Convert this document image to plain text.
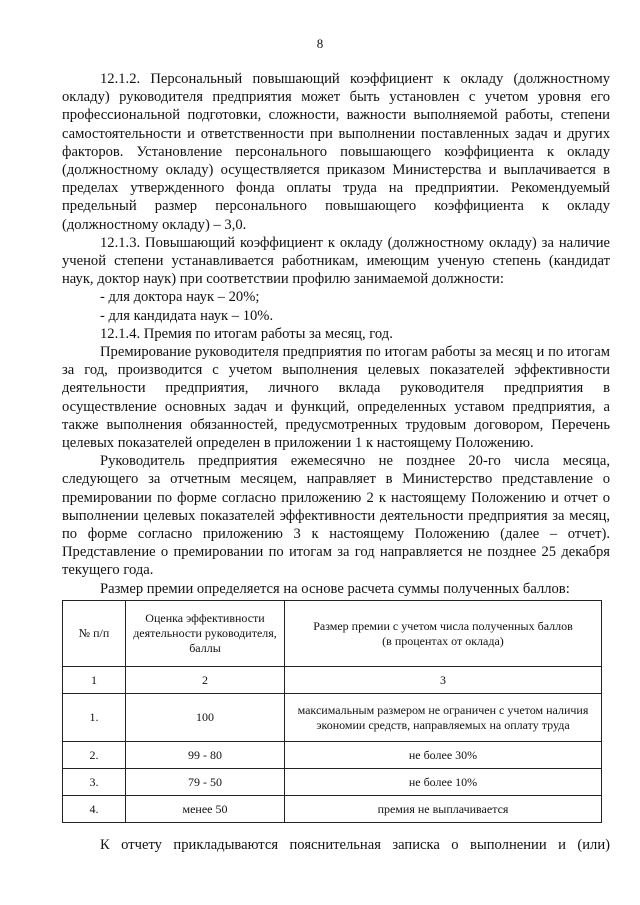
8

12.1.2. Персональный повышающий коэффициент к окладу (должностному окладу) руководителя предприятия может быть установлен с учетом уровня его профессиональной подготовки, сложности, важности выполняемой работы, степени самостоятельности и ответственности при выполнении поставленных задач и других факторов. Установление персонального повышающего коэффициента к окладу (должностному окладу) осуществляется приказом Министерства и выплачивается в пределах утвержденного фонда оплаты труда на предприятии. Рекомендуемый предельный размер персонального повышающего коэффициента к окладу (должностному окладу) – 3,0.

12.1.3. Повышающий коэффициент к окладу (должностному окладу) за наличие ученой степени устанавливается работникам, имеющим ученую степень (кандидат наук, доктор наук) при соответствии профилю занимаемой должности:

- для доктора наук – 20%;

- для кандидата наук – 10%.

12.1.4. Премия по итогам работы за месяц, год.

Премирование руководителя предприятия по итогам работы за месяц и по итогам за год, производится с учетом выполнения целевых показателей эффективности деятельности предприятия, личного вклада руководителя предприятия в осуществление основных задач и функций, определенных уставом предприятия, а также выполнения обязанностей, предусмотренных трудовым договором, Перечень целевых показателей определен в приложении 1 к настоящему Положению.

Руководитель предприятия ежемесячно не позднее 20-го числа месяца, следующего за отчетным месяцем, направляет в Министерство представление о премировании по форме согласно приложению 2 к настоящему Положению и отчет о выполнении целевых показателей эффективности деятельности предприятия за месяц, по форме согласно приложению 3 к настоящему Положению (далее – отчет). Представление о премировании по итогам за год направляется не позднее 25 декабря текущего года.

Размер премии определяется на основе расчета суммы полученных баллов:

№ п/п	Оценка эффективности деятельности руководителя, баллы	Размер премии с учетом числа полученных баллов
(в процентах от оклада)
1	2	3
1.	100	максимальным размером не ограничен с учетом наличия экономии средств, направляемых на оплату труда
2.	99 - 80	не более 30%
3.	79 - 50	не более 10%
4.	менее 50	премия не выплачивается
К отчету прикладываются пояснительная записка о выполнении и (или)
